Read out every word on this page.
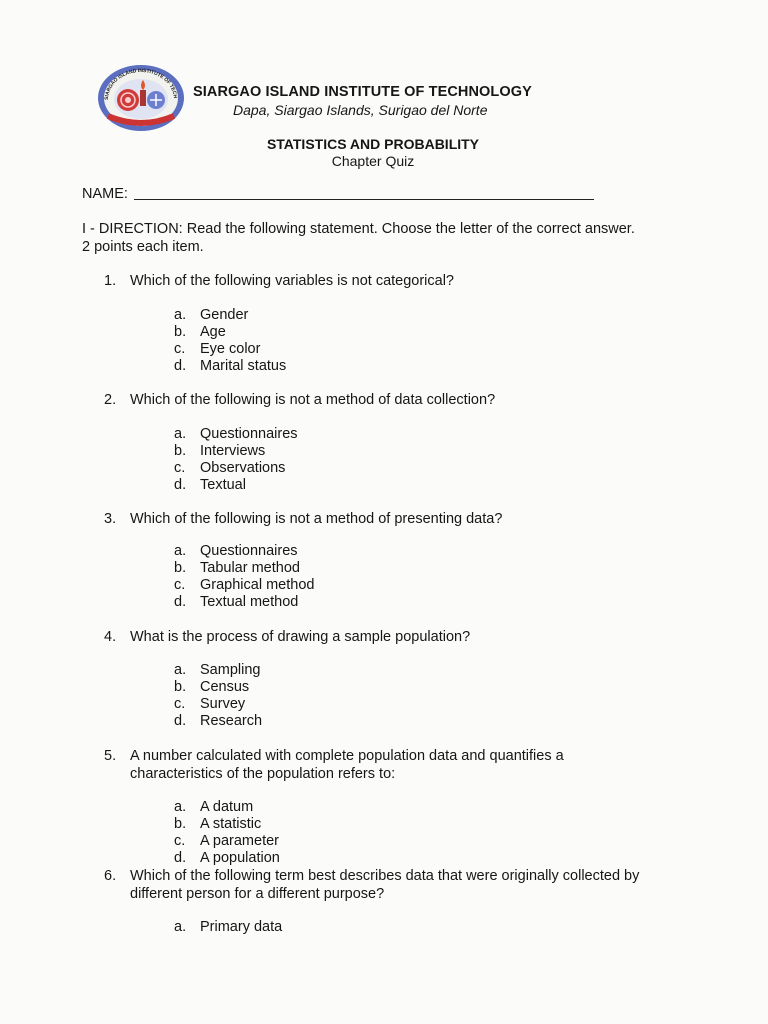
SIARGAO ISLAND INSTITUTE OF TECH SIARGAO ISLAND INSTITUTE OF TECHNOLOGY
Dapa, Siargao Islands, Surigao del Norte
STATISTICS AND PROBABILITY
Chapter Quiz
NAME:
I - DIRECTION: Read the following statement. Choose the letter of the correct answer. 2 points each item.
1. Which of the following variables is not categorical?
a. Gender
b. Age
c.	Eye color
d. Marital status
2. Which of the following is not a method of data collection?
a. Questionnaires
b. Interviews
c.	Observations
d. Textual
3. Which of the following is not a method of presenting data?
a. Questionnaires
b. Tabular method
c.	Graphical method
d. Textual method
4. What is the process of drawing a sample population?
a. Sampling
b. Census
c.	Survey
d. Research
5. A number calculated with complete population data and quantifies a characteristics of the population refers to:
a. A datum
b. A statistic
c.	A parameter
d. A population
6. Which of the following term best describes data that were originally collected by different person for a different purpose?
a. Primary data
